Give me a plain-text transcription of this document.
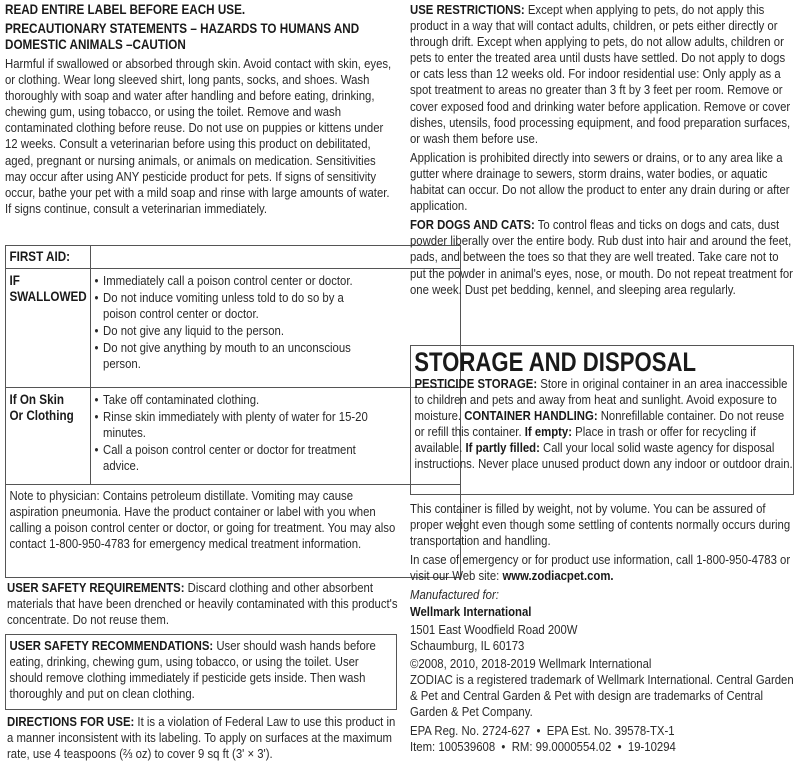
READ ENTIRE LABEL BEFORE EACH USE.

PRECAUTIONARY STATEMENTS – HAZARDS TO HUMANS AND DOMESTIC ANIMALS –CAUTION

Harmful if swallowed or absorbed through skin. Avoid contact with skin, eyes, or clothing. Wear long sleeved shirt, long pants, socks, and shoes. Wash thoroughly with soap and water after handling and before eating, drinking, chewing gum, using tobacco, or using the toilet. Remove and wash contaminated clothing before reuse. Do not use on puppies or kittens under 12 weeks. Consult a veterinarian before using this product on debilitated, aged, pregnant or nursing animals, or animals on medication. Sensitivities may occur after using ANY pesticide product for pets. If signs of sensitivity occur, bathe your pet with a mild soap and rinse with large amounts of water. If signs continue, consult a veterinarian immediately.

FIRST AID:	

IF SWALLOWED

• Immediately call a poison control center or doctor.
• Do not induce vomiting unless told to do so by a poison control center or doctor.
• Do not give any liquid to the person.
• Do not give anything by mouth to an unconscious person.

If On Skin Or Clothing

• Take off contaminated clothing.
• Rinse skin immediately with plenty of water for 15-20 minutes.
• Call a poison control center or doctor for treatment advice.

Note to physician: Contains petroleum distillate. Vomiting may cause aspiration pneumonia. Have the product container or label with you when calling a poison control center or doctor, or going for treatment. You may also contact 1-800-950-4783 for emergency medical treatment information.	
USER SAFETY REQUIREMENTS: Discard clothing and other absorbent materials that have been drenched or heavily contaminated with this product's concentrate. Do not reuse them.
USER SAFETY RECOMMENDATIONS: User should wash hands before eating, drinking, chewing gum, using tobacco, or using the toilet. User should remove clothing immediately if pesticide gets inside. Then wash thoroughly and put on clean clothing.
DIRECTIONS FOR USE: It is a violation of Federal Law to use this product in a manner inconsistent with its labeling. To apply on surfaces at the maximum rate, use 4 teaspoons (⅔ oz) to cover 9 sq ft (3' × 3').

USE RESTRICTIONS: Except when applying to pets, do not apply this product in a way that will contact adults, children, or pets either directly or through drift. Except when applying to pets, do not allow adults, children or pets to enter the treated area until dusts have settled. Do not apply to dogs or cats less than 12 weeks old. For indoor residential use: Only apply as a spot treatment to areas no greater than 3 ft by 3 feet per room. Remove or cover exposed food and drinking water before application. Remove or cover dishes, utensils, food processing equipment, and food preparation surfaces, or wash them before use.

Application is prohibited directly into sewers or drains, or to any area like a gutter where drainage to sewers, storm drains, water bodies, or aquatic habitat can occur. Do not allow the product to enter any drain during or after application.

FOR DOGS AND CATS: To control fleas and ticks on dogs and cats, dust powder liberally over the entire body. Rub dust into hair and around the feet, pads, and between the toes so that they are well treated. Take care not to put the powder in animal's eyes, nose, or mouth. Do not repeat treatment for one week. Dust pet bedding, kennel, and sleeping area regularly.

STORAGE AND DISPOSAL
PESTICIDE STORAGE: Store in original container in an area inaccessible to children and pets and away from heat and sunlight. Avoid exposure to moisture. CONTAINER HANDLING: Nonrefillable container. Do not reuse or refill this container. If empty: Place in trash or offer for recycling if available. If partly filled: Call your local solid waste agency for disposal instructions. Never place unused product down any indoor or outdoor drain.

This container is filled by weight, not by volume. You can be assured of proper weight even though some settling of contents normally occurs during transportation and handling.

In case of emergency or for product use information, call 1-800-950-4783 or visit our Web site: www.zodiacpet.com.

Manufactured for:

Wellmark International

1501 East Woodfield Road 200W

Schaumburg, IL 60173

©2008, 2010, 2018-2019 Wellmark International

ZODIAC is a registered trademark of Wellmark International. Central Garden & Pet and Central Garden & Pet with design are trademarks of Central Garden & Pet Company.

EPA Reg. No. 2724-627  •  EPA Est. No. 39578-TX-1

Item: 100539608  •  RM: 99.0000554.02  •  19-10294
